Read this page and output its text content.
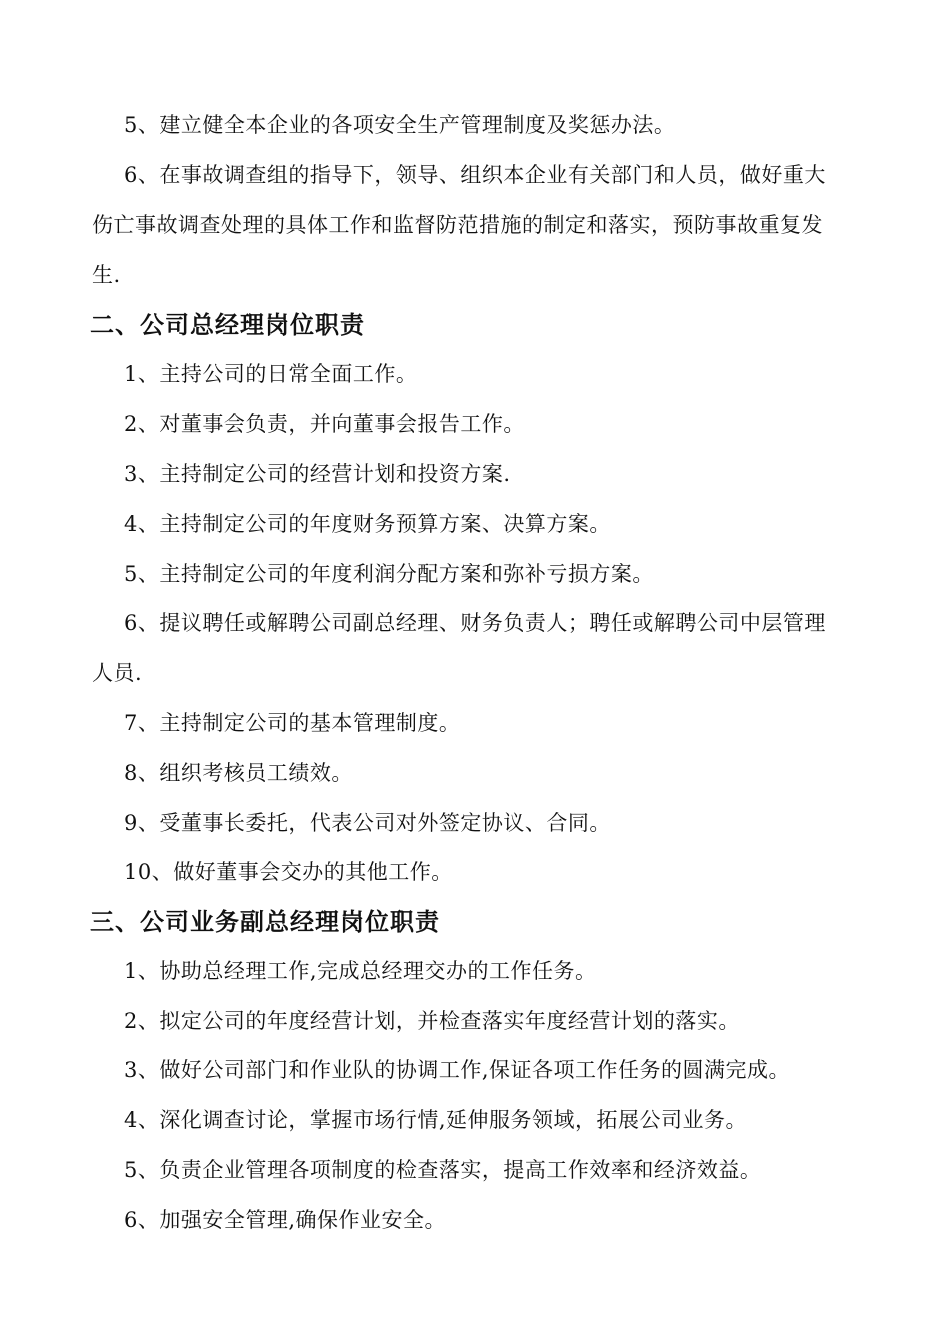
5、建立健全本企业的各项安全生产管理制度及奖惩办法。
6、在事故调查组的指导下，领导、组织本企业有关部门和人员，做好重大
伤亡事故调查处理的具体工作和监督防范措施的制定和落实，预防事故重复发
生.
二、公司总经理岗位职责
1、主持公司的日常全面工作。
2、对董事会负责，并向董事会报告工作。
3、主持制定公司的经营计划和投资方案.
4、主持制定公司的年度财务预算方案、决算方案。
5、主持制定公司的年度利润分配方案和弥补亏损方案。
6、提议聘任或解聘公司副总经理、财务负责人；聘任或解聘公司中层管理
人员.
7、主持制定公司的基本管理制度。
8、组织考核员工绩效。
9、受董事长委托，代表公司对外签定协议、合同。
10、做好董事会交办的其他工作。
三、公司业务副总经理岗位职责
1、协助总经理工作,完成总经理交办的工作任务。
2、拟定公司的年度经营计划，并检查落实年度经营计划的落实。
3、做好公司部门和作业队的协调工作,保证各项工作任务的圆满完成。
4、深化调查讨论，掌握市场行情,延伸服务领域，拓展公司业务。
5、负责企业管理各项制度的检查落实，提高工作效率和经济效益。
6、加强安全管理,确保作业安全。
